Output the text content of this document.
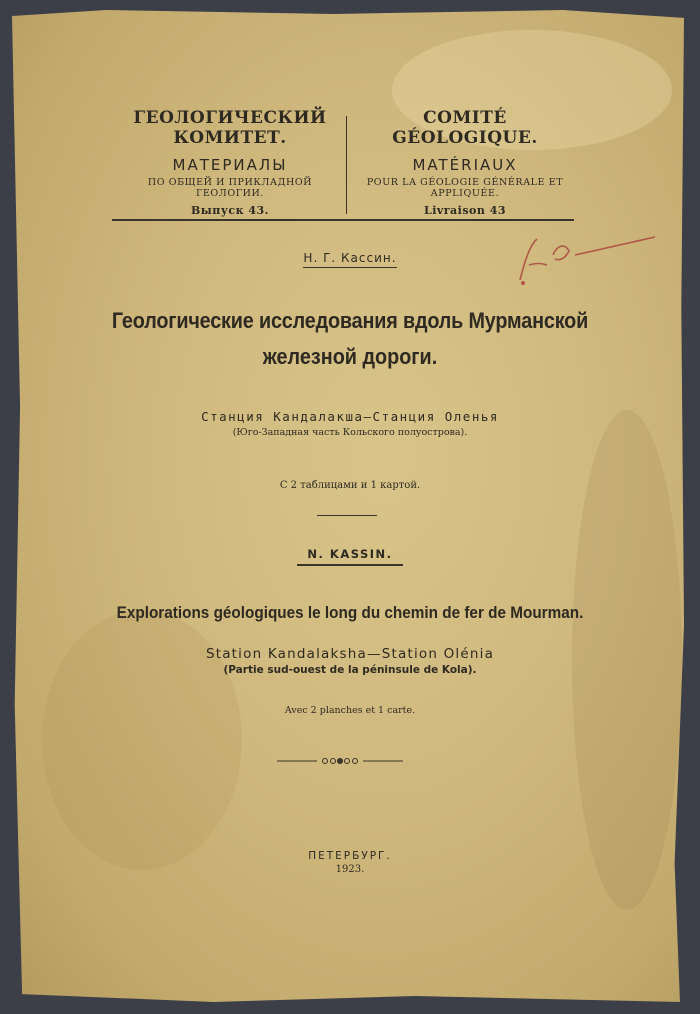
ГЕОЛОГИЧЕСКИЙ КОМИТЕТ.
МАТЕРИАЛЫ
ПО ОБЩЕЙ И ПРИКЛАДНОЙ ГЕОЛОГИИ.
Выпуск 43.
COMITÉ GÉOLOGIQUE.
MATÉRIAUX
POUR LA GÉOLOGIE GÉNÉRALE ET APPLIQUÉE.
Livraison 43
Н. Г. Кассин.
Геологические исследования вдоль Мурманской
железной дороги.
Станция Кандалакша—Станция Оленья
(Юго-Западная часть Кольского полуострова).
С 2 таблицами и 1 картой.
N. KASSIN.
Explorations géologiques le long du chemin de fer de Mourman.
Station Kandalaksha—Station Olénia
(Partie sud-ouest de la péninsule de Kola).
Avec 2 planches et 1 carte.
ПЕТЕРБУРГ.
1923.
